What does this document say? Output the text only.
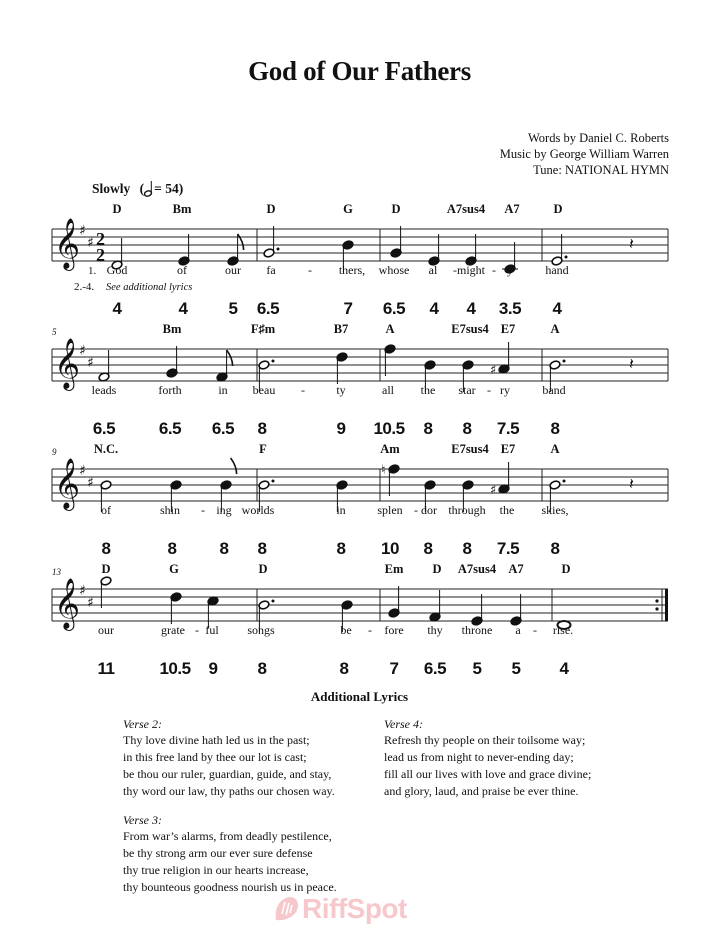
God of Our Fathers
Words by Daniel C. Roberts
Music by George William Warren
Tune: NATIONAL HYMN
Slowly ( = 54)
𝄞
♯
♯ 2
2
𝄽
𝄞
♯
♯	♯	𝄽
𝄞
♯
♯
♮
♯	𝄽
𝄞
♯
♯
D	Bm	D	G	D	A7sus4 A7	D
God	of	our fa	- thers, whose al - might - y	hand
4	4 5 6.5	7 6.5 4 4 3.5 4
1.
2.-4. See additional lyrics
5	Bm	F♯m	B7	A	E7sus4 E7	A
leads	forth	in beau -	ty	all the star - ry	band
6.5	6.5 6.5 8	9 10.5 8 8 7.5 8
9	N.C.	F	Am	E7sus4 E7	A
of	shin - ing worlds	in	splen - dor through the skies,
8	8	8 8	8 10 8 8 7.5 8
13	D	G	D	Em D A7sus4 A7	D
our	grate - ful songs	be - fore thy throne a - rise.
11	10.5 9 8	8 7 6.5 5 5 4
Additional Lyrics
Verse 2:
Thy love divine hath led us in the past;
in this free land by thee our lot is cast;
be thou our ruler, guardian, guide, and stay,
thy word our law, thy paths our chosen way.
Verse 3:
From war’s alarms, from deadly pestilence,
be thy strong arm our ever sure defense
thy true religion in our hearts increase,
thy bounteous goodness nourish us in peace.
Verse 4:
Refresh thy people on their toilsome way;
lead us from night to never-ending day;
fill all our lives with love and grace divine;
and glory, laud, and praise be ever thine.
RiffSpot
